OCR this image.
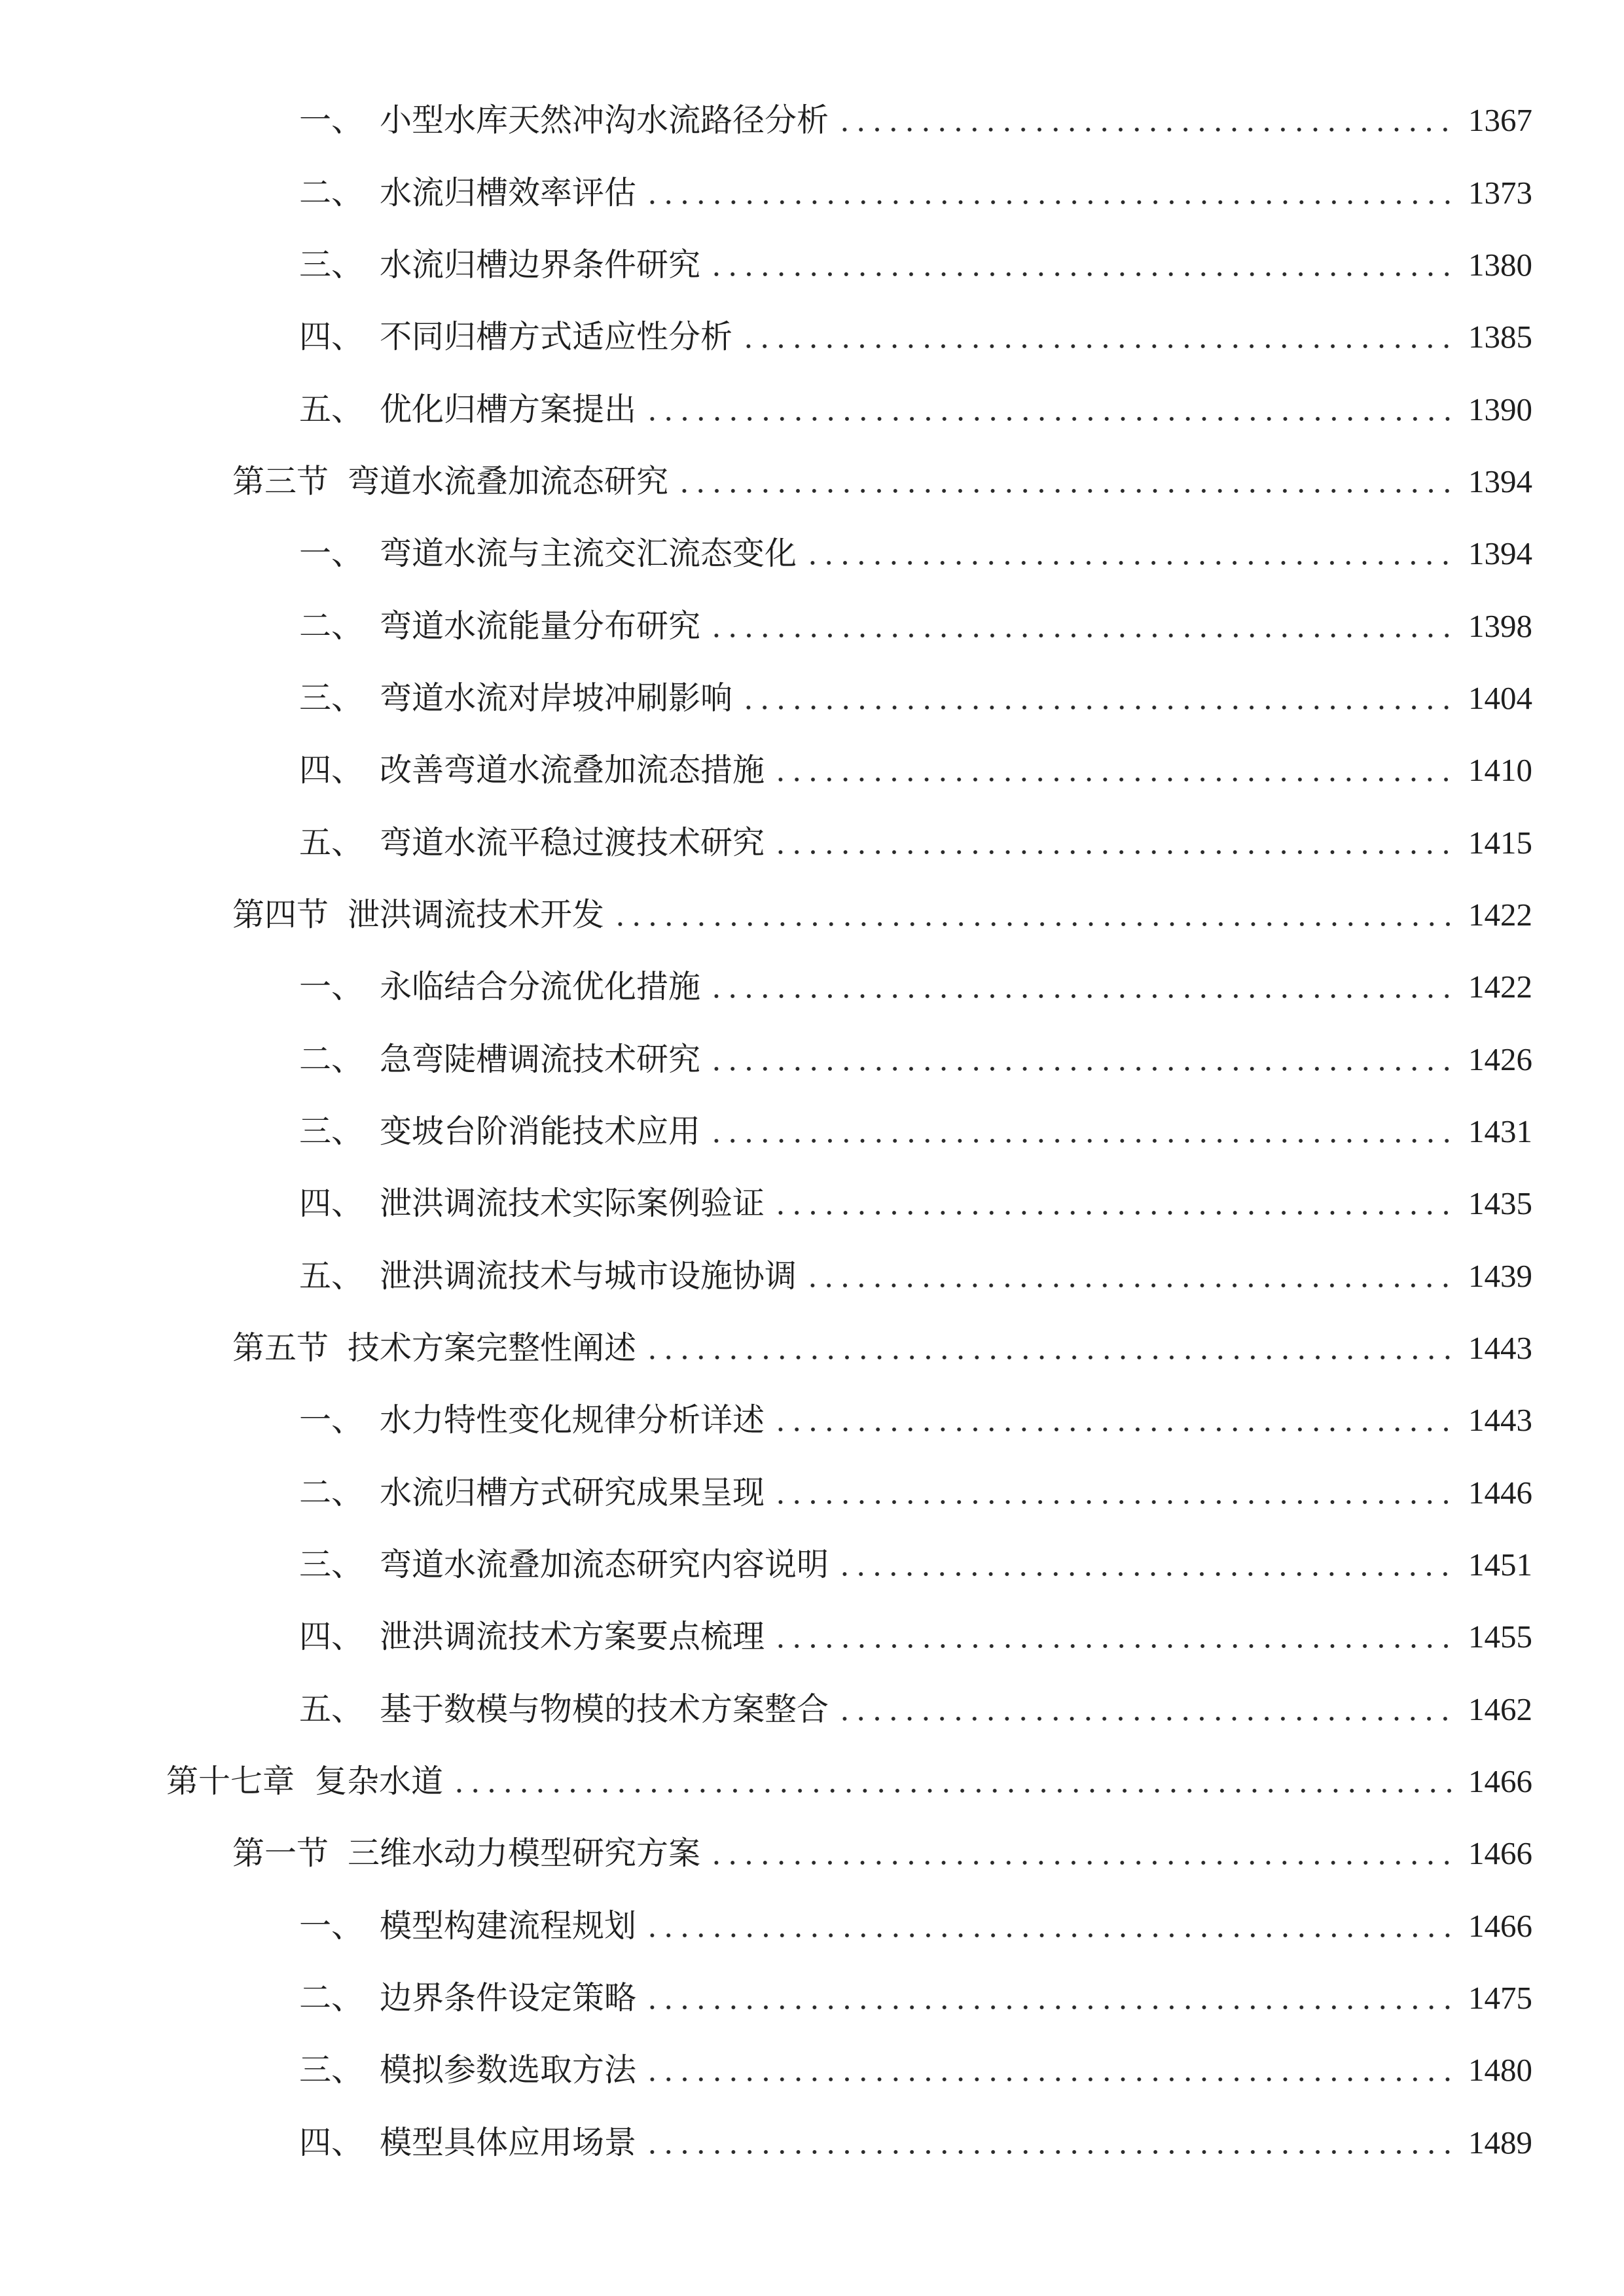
一、 小型水库天然冲沟水流路径分析	1367
二、 水流归槽效率评估	1373
三、 水流归槽边界条件研究	1380
四、 不同归槽方式适应性分析	1385
五、 优化归槽方案提出	1390
第三节 弯道水流叠加流态研究	1394
一、 弯道水流与主流交汇流态变化	1394
二、 弯道水流能量分布研究	1398
三、 弯道水流对岸坡冲刷影响	1404
四、 改善弯道水流叠加流态措施	1410
五、 弯道水流平稳过渡技术研究	1415
第四节 泄洪调流技术开发	1422
一、 永临结合分流优化措施	1422
二、 急弯陡槽调流技术研究	1426
三、 变坡台阶消能技术应用	1431
四、 泄洪调流技术实际案例验证	1435
五、 泄洪调流技术与城市设施协调	1439
第五节 技术方案完整性阐述	1443
一、 水力特性变化规律分析详述	1443
二、 水流归槽方式研究成果呈现	1446
三、 弯道水流叠加流态研究内容说明	1451
四、 泄洪调流技术方案要点梳理	1455
五、 基于数模与物模的技术方案整合	1462
第十七章 复杂水道	1466
第一节 三维水动力模型研究方案	1466
一、 模型构建流程规划	1466
二、 边界条件设定策略	1475
三、 模拟参数选取方法	1480
四、 模型具体应用场景	1489
